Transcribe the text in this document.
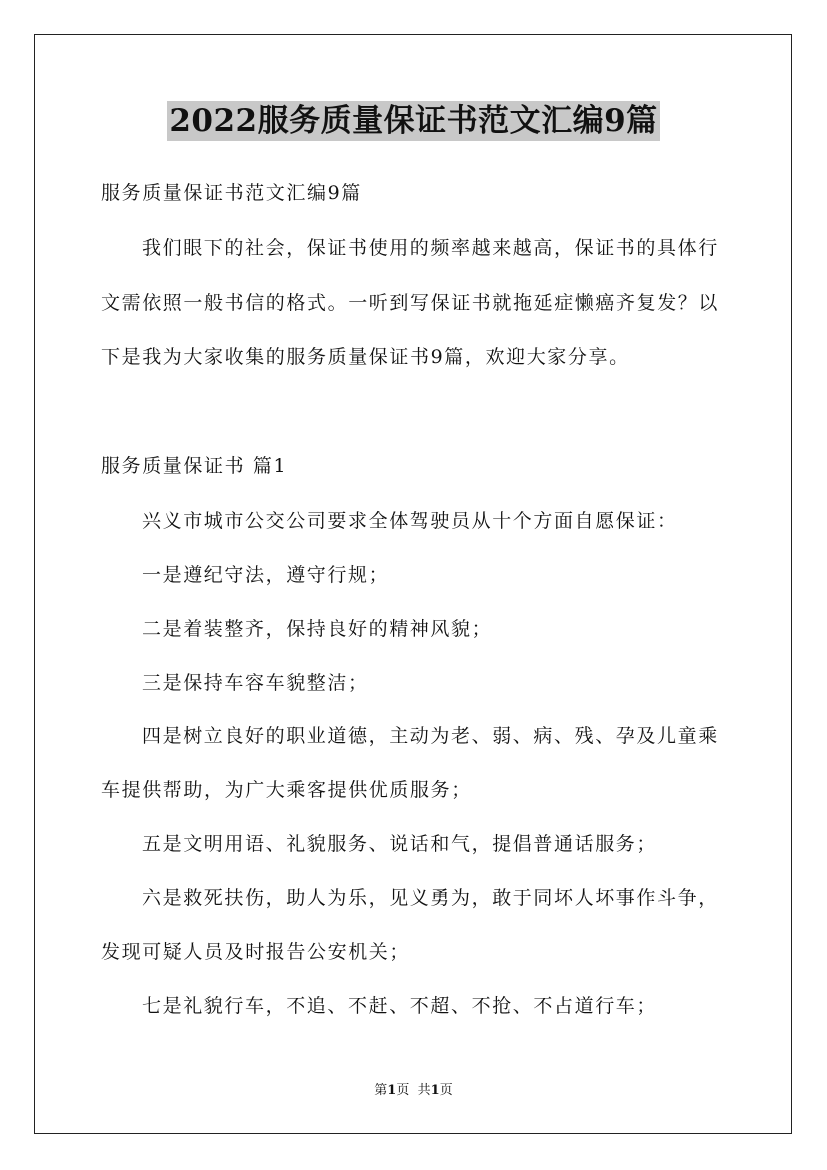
2022服务质量保证书范文汇编9篇
服务质量保证书范文汇编9篇
我们眼下的社会，保证书使用的频率越来越高，保证书的具体行
文需依照一般书信的格式。一听到写保证书就拖延症懒癌齐复发？以
下是我为大家收集的服务质量保证书9篇，欢迎大家分享。
服务质量保证书 篇1
兴义市城市公交公司要求全体驾驶员从十个方面自愿保证：
一是遵纪守法，遵守行规；
二是着装整齐，保持良好的精神风貌；
三是保持车容车貌整洁；
四是树立良好的职业道德，主动为老、弱、病、残、孕及儿童乘
车提供帮助，为广大乘客提供优质服务；
五是文明用语、礼貌服务、说话和气，提倡普通话服务；
六是救死扶伤，助人为乐，见义勇为，敢于同坏人坏事作斗争，
发现可疑人员及时报告公安机关；
七是礼貌行车，不追、不赶、不超、不抢、不占道行车；
第1页 共1页
